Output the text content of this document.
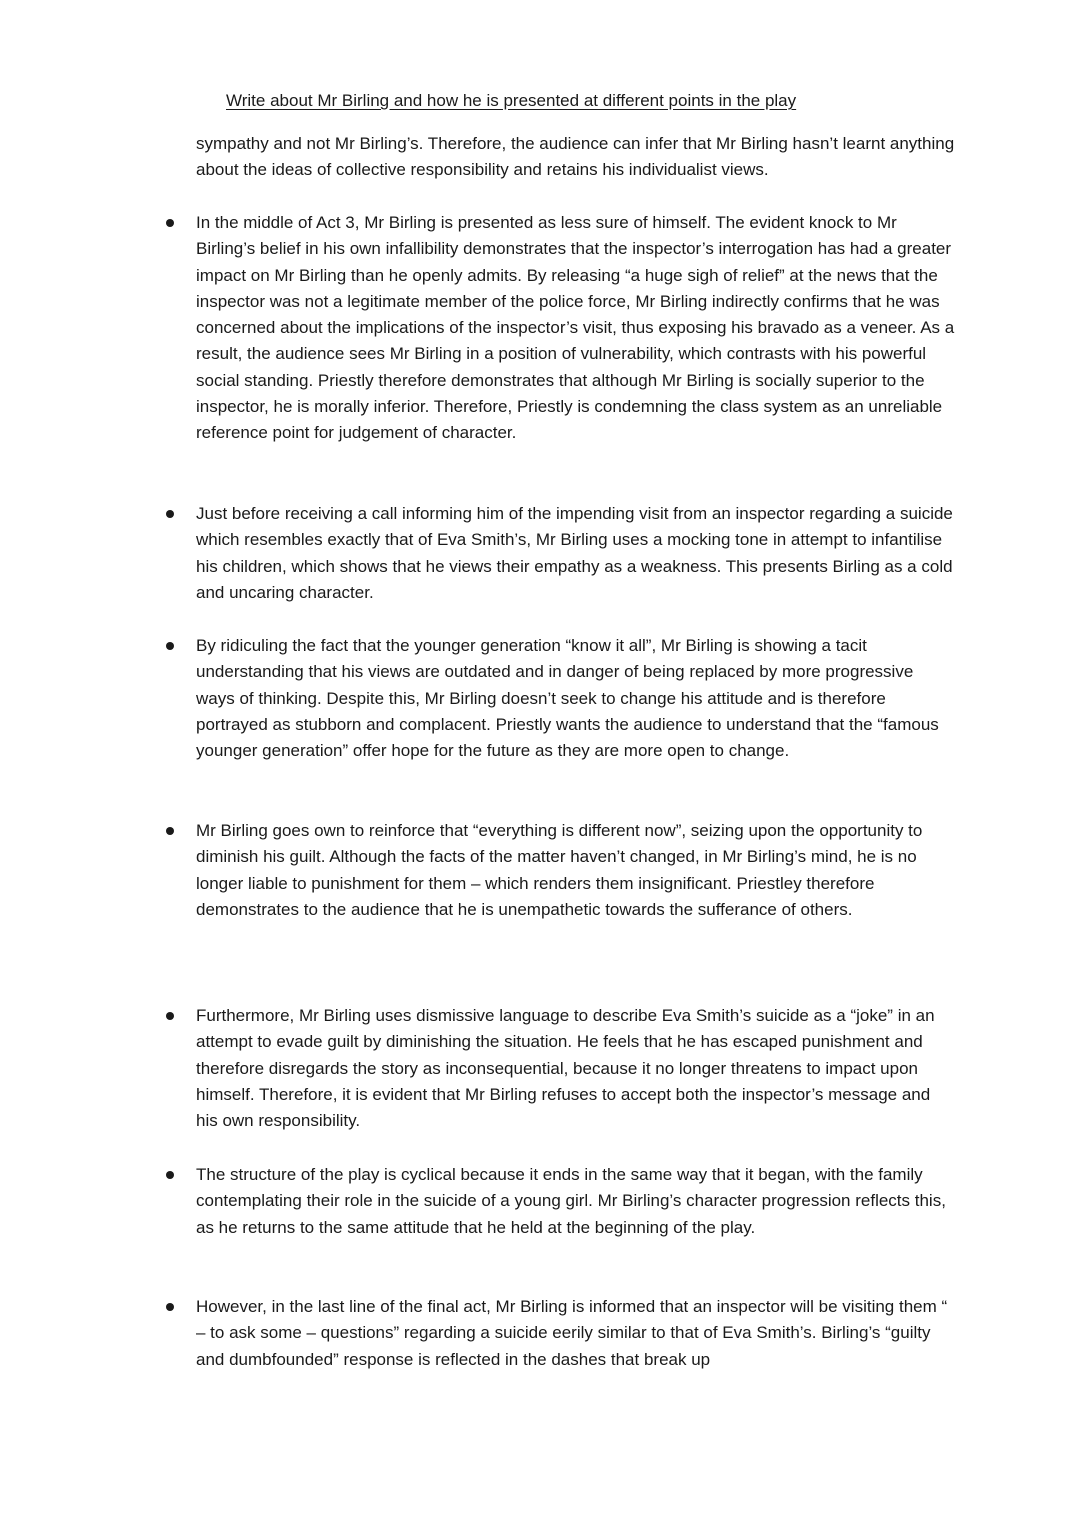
Write about Mr Birling and how he is presented at different points in the play

sympathy and not Mr Birling’s. Therefore, the audience can infer that Mr Birling hasn’t learnt anything about the ideas of collective responsibility and retains his individualist views.

In the middle of Act 3, Mr Birling is presented as less sure of himself. The evident knock to Mr Birling’s belief in his own infallibility demonstrates that the inspector’s interrogation has had a greater impact on Mr Birling than he openly admits. By releasing “a huge sigh of relief” at the news that the inspector was not a legitimate member of the police force, Mr Birling indirectly confirms that he was concerned about the implications of the inspector’s visit, thus exposing his bravado as a veneer. As a result, the audience sees Mr Birling in a position of vulnerability, which contrasts with his powerful social standing. Priestly therefore demonstrates that although Mr Birling is socially superior to the inspector, he is morally inferior. Therefore, Priestly is condemning the class system as an unreliable reference point for judgement of character.

Just before receiving a call informing him of the impending visit from an inspector regarding a suicide which resembles exactly that of Eva Smith’s, Mr Birling uses a mocking tone in attempt to infantilise his children, which shows that he views their empathy as a weakness. This presents Birling as a cold and uncaring character.

By ridiculing the fact that the younger generation “know it all”, Mr Birling is showing a tacit understanding that his views are outdated and in danger of being replaced by more progressive ways of thinking. Despite this, Mr Birling doesn’t seek to change his attitude and is therefore portrayed as stubborn and complacent. Priestly wants the audience to understand that the “famous younger generation” offer hope for the future as they are more open to change.

Mr Birling goes own to reinforce that “everything is different now”, seizing upon the opportunity to diminish his guilt. Although the facts of the matter haven’t changed, in Mr Birling’s mind, he is no longer liable to punishment for them – which renders them insignificant. Priestley therefore demonstrates to the audience that he is unempathetic towards the sufferance of others.

Furthermore, Mr Birling uses dismissive language to describe Eva Smith’s suicide as a “joke” in an attempt to evade guilt by diminishing the situation. He feels that he has escaped punishment and therefore disregards the story as inconsequential, because it no longer threatens to impact upon himself. Therefore, it is evident that Mr Birling refuses to accept both the inspector’s message and his own responsibility.

The structure of the play is cyclical because it ends in the same way that it began, with the family contemplating their role in the suicide of a young girl. Mr Birling’s character progression reflects this, as he returns to the same attitude that he held at the beginning of the play.

However, in the last line of the final act, Mr Birling is informed that an inspector will be visiting them “ – to ask some – questions” regarding a suicide eerily similar to that of Eva Smith’s. Birling’s “guilty and dumbfounded” response is reflected in the dashes that break up
